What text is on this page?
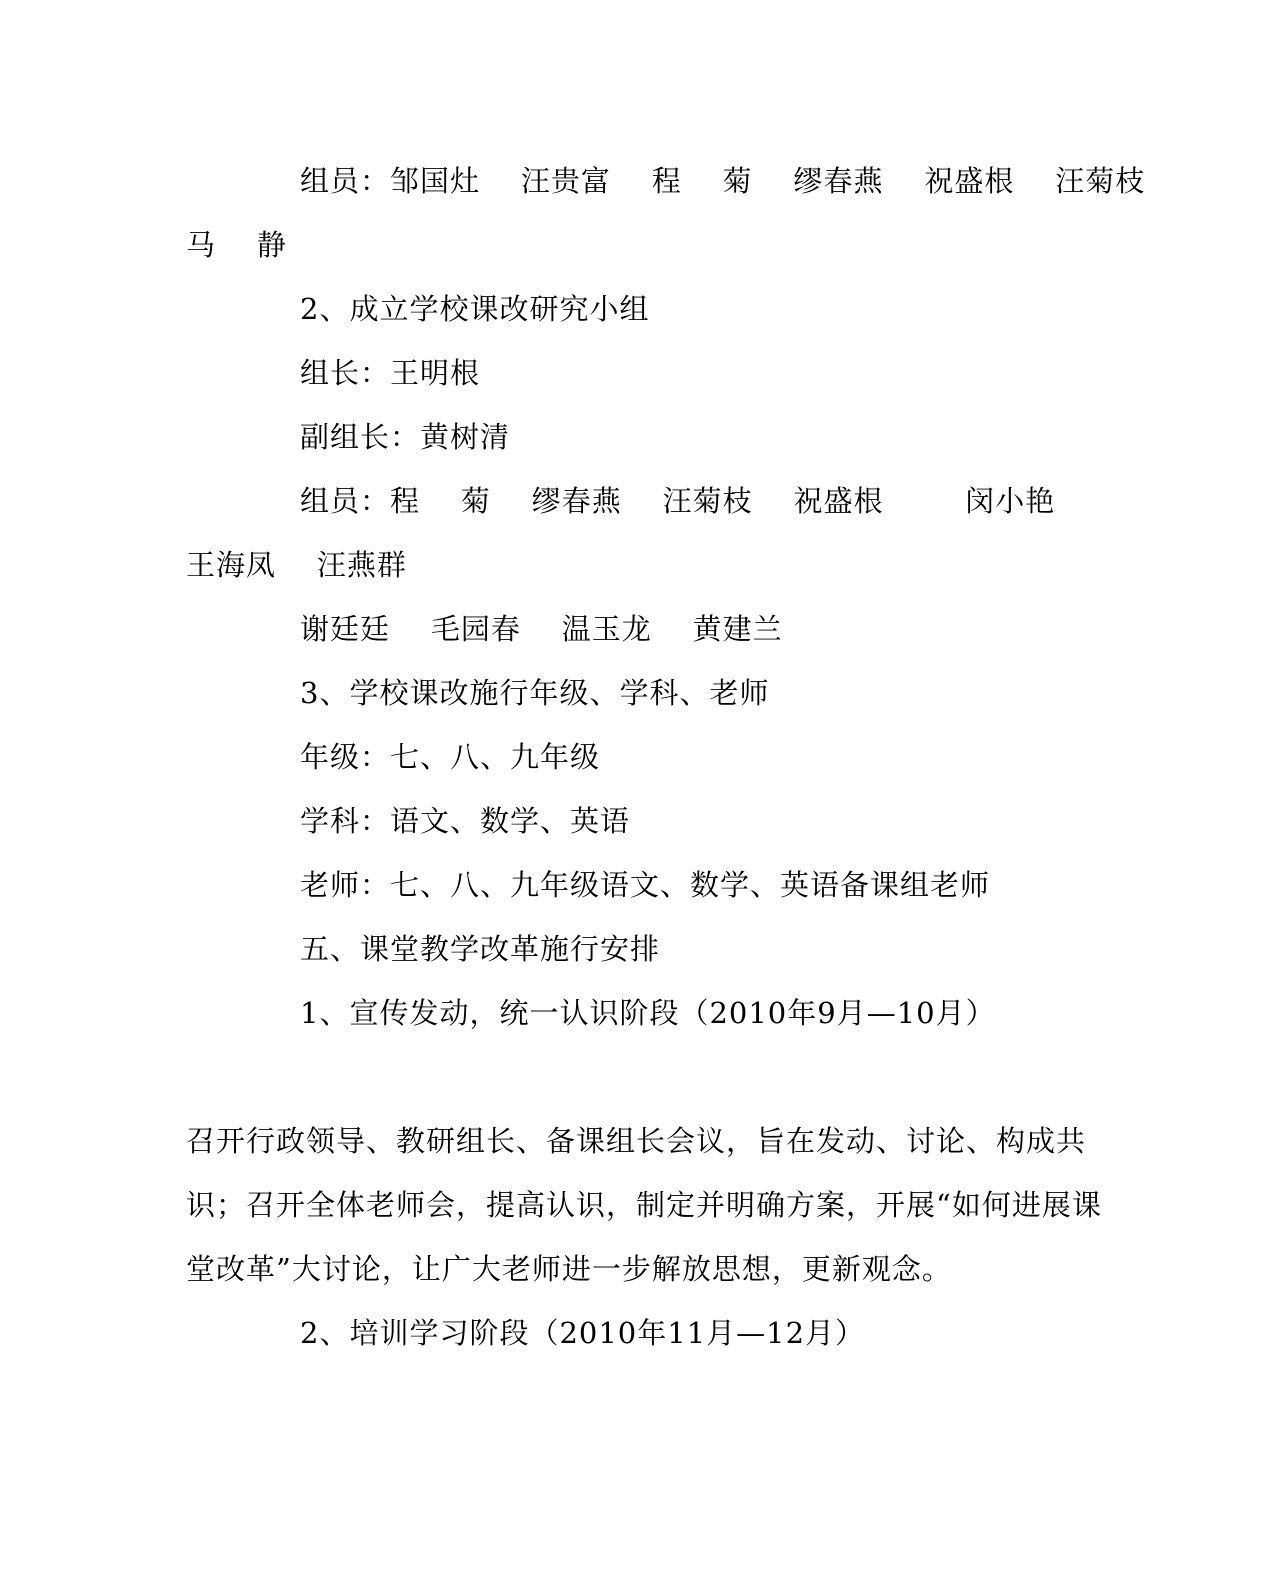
组员：邹国灶    汪贵富    程    菊    缪春燕    祝盛根    汪菊枝
马    静
2、成立学校课改研究小组
组长：王明根
副组长：黄树清
组员：程    菊    缪春燕    汪菊枝    祝盛根        闵小艳
王海凤    汪燕群
谢廷廷    毛园春    温玉龙    黄建兰
3、学校课改施行年级、学科、老师
年级：七、八、九年级
学科：语文、数学、英语
老师：七、八、九年级语文、数学、英语备课组老师
五、课堂教学改革施行安排
1、宣传发动，统一认识阶段（2010年9月—10月）
召开行政领导、教研组长、备课组长会议，旨在发动、讨论、构成共
识；召开全体老师会，提高认识，制定并明确方案，开展“如何进展课
堂改革”大讨论，让广大老师进一步解放思想，更新观念。
2、培训学习阶段（2010年11月—12月）
